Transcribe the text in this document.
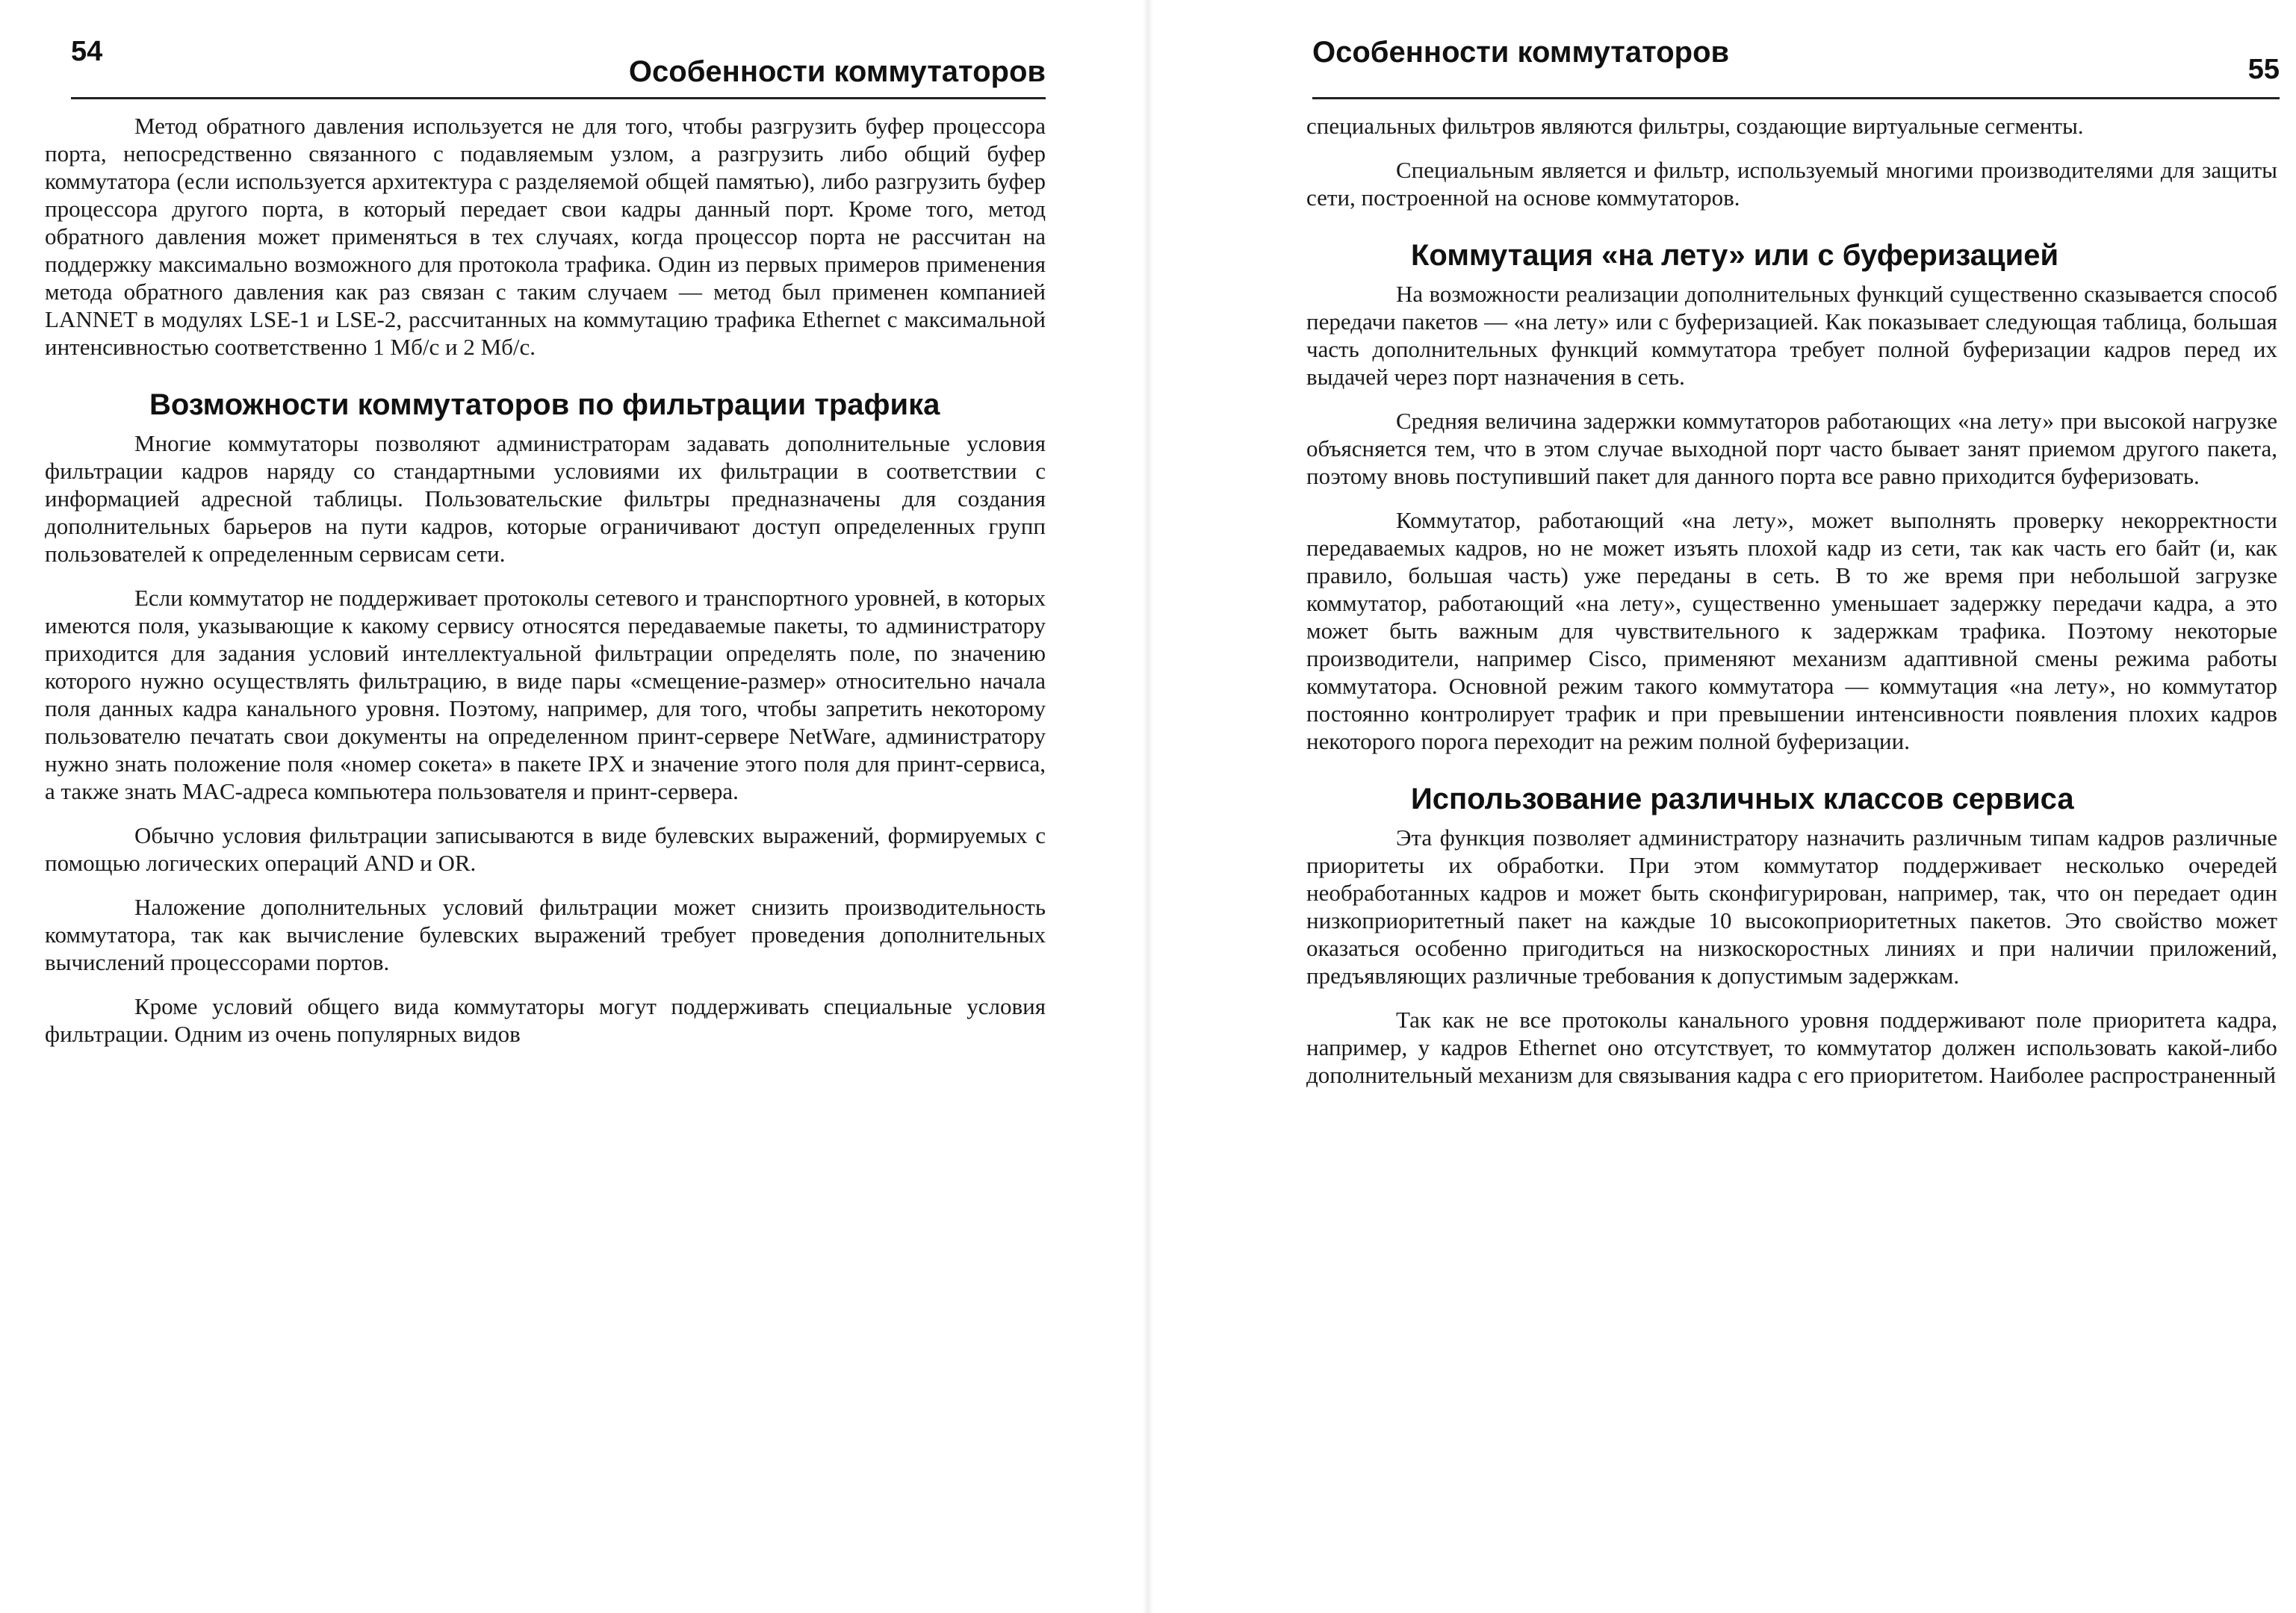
54
Особенности коммутаторов

Метод обратного давления используется не для того, чтобы разгрузить буфер процессора порта, непосредственно связанного с подавляемым узлом, а разгрузить либо общий буфер коммутатора (если используется архитектура с разделяемой общей памятью), либо разгрузить буфер процессора другого порта, в который передает свои кадры данный порт. Кроме того, метод обратного давления может применяться в тех случаях, когда процессор порта не рассчитан на поддержку максимально возможного для протокола трафика. Один из первых примеров применения метода обратного давления как раз связан с таким случаем — метод был применен компанией LANNET в модулях LSE-1 и LSE-2, рассчитанных на коммутацию трафика Ethernet с максимальной интенсивностью соответственно 1 Мб/с и 2 Мб/с.

Возможности коммутаторов по фильтрации трафика

Многие коммутаторы позволяют администраторам задавать дополнительные условия фильтрации кадров наряду со стандартными условиями их фильтрации в соответствии с информацией адресной таблицы. Пользовательские фильтры предназначены для создания дополнительных барьеров на пути кадров, которые ограничивают доступ определенных групп пользователей к определенным сервисам сети.

Если коммутатор не поддерживает протоколы сетевого и транспортного уровней, в которых имеются поля, указывающие к какому сервису относятся передаваемые пакеты, то администратору приходится для задания условий интеллектуальной фильтрации определять поле, по значению которого нужно осуществлять фильтрацию, в виде пары «смещение-размер» относительно начала поля данных кадра канального уровня. Поэтому, например, для того, чтобы запретить некоторому пользователю печатать свои документы на определенном принт-сервере NetWare, администратору нужно знать положение поля «номер сокета» в пакете IPX и значение этого поля для принт-сервиса, а также знать MAC-адреса компьютера пользователя и принт-сервера.

Обычно условия фильтрации записываются в виде булевских выражений, формируемых с помощью логических операций AND и OR.

Наложение дополнительных условий фильтрации может снизить производительность коммутатора, так как вычисление булевских выражений требует проведения дополнительных вычислений процессорами портов.

Кроме условий общего вида коммутаторы могут поддерживать специальные условия фильтрации. Одним из очень популярных видов

Особенности коммутаторов
55

специальных фильтров являются фильтры, создающие виртуальные сегменты.

Специальным является и фильтр, используемый многими производителями для защиты сети, построенной на основе коммутаторов.

Коммутация «на лету» или с буферизацией

На возможности реализации дополнительных функций существенно сказывается способ передачи пакетов — «на лету» или с буферизацией. Как показывает следующая таблица, большая часть дополнительных функций коммутатора требует полной буферизации кадров перед их выдачей через порт назначения в сеть.

Средняя величина задержки коммутаторов работающих «на лету» при высокой нагрузке объясняется тем, что в этом случае выходной порт часто бывает занят приемом другого пакета, поэтому вновь поступивший пакет для данного порта все равно приходится буферизовать.

Коммутатор, работающий «на лету», может выполнять проверку некорректности передаваемых кадров, но не может изъять плохой кадр из сети, так как часть его байт (и, как правило, большая часть) уже переданы в сеть. В то же время при небольшой загрузке коммутатор, работающий «на лету», существенно уменьшает задержку передачи кадра, а это может быть важным для чувствительного к задержкам трафика. Поэтому некоторые производители, например Cisco, применяют механизм адаптивной смены режима работы коммутатора. Основной режим такого коммутатора — коммутация «на лету», но коммутатор постоянно контролирует трафик и при превышении интенсивности появления плохих кадров некоторого порога переходит на режим полной буферизации.

Использование различных классов сервиса

Эта функция позволяет администратору назначить различным типам кадров различные приоритеты их обработки. При этом коммутатор поддерживает несколько очередей необработанных кадров и может быть сконфигурирован, например, так, что он передает один низкоприоритетный пакет на каждые 10 высокоприоритетных пакетов. Это свойство может оказаться особенно пригодиться на низкоскоростных линиях и при наличии приложений, предъявляющих различные требования к допустимым задержкам.

Так как не все протоколы канального уровня поддерживают поле приоритета кадра, например, у кадров Ethernet оно отсутствует, то коммутатор должен использовать какой-либо дополнительный механизм для связывания кадра с его приоритетом. Наиболее распространенный
